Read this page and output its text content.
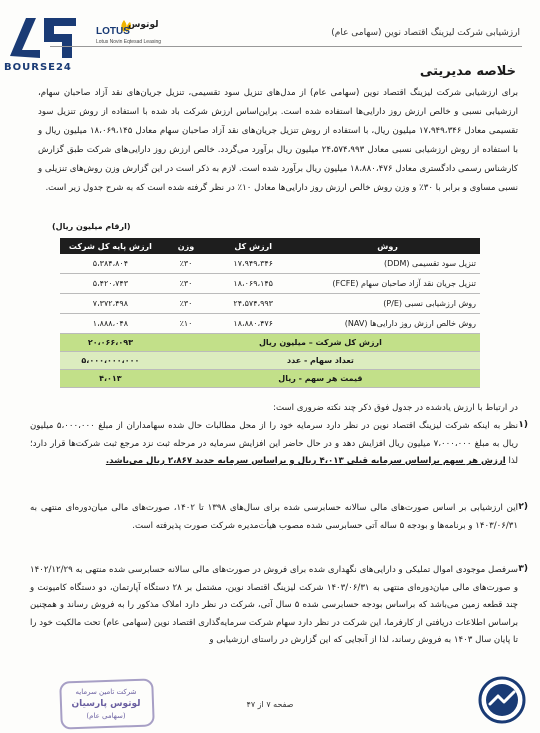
BOURSE24
لوتوس
LOTUS
Lotus Novin Eqtesad Leasing
ارزشیابی شرکت لیزینگ اقتصاد نوین (سهامی عام)
خلاصه مدیریتی
برای ارزشیابی شرکت لیزینگ اقتصاد نوین (سهامی عام) از مدل‌های تنزیل سود تقسیمی، تنزیل جریان‌های نقد آزاد صاحبان سهام، ارزشیابی نسبی و خالص ارزش روز دارایی‌ها استفاده شده است. براین‌اساس ارزش شرکت باد شده با استفاده از روش تنزیل سود تقسیمی معادل ۱۷،۹۴۹،۳۴۶ میلیون ریال، با استفاده از روش تنزیل جریان‌های نقد آزاد صاحبان سهام معادل ۱۸،۰۶۹،۱۴۵ میلیون ریال و با استفاده از روش ارزشیابی نسبی معادل ۲۴،۵۷۴،۹۹۳ میلیون ریال برآورد می‌گردد. خالص ارزش روز دارایی‌های شرکت طبق گزارش کارشناس رسمی دادگستری معادل ۱۸،۸۸۰،۴۷۶ میلیون ریال برآورد شده است. لازم به ذکر است در این گزارش وزن روش‌های تنزیلی و نسبی مساوی و برابر با ۳۰٪ و وزن روش خالص ارزش روز دارایی‌ها معادل ۱۰٪ در نظر گرفته شده است که به شرح جدول زیر است.
(ارقام میلیون ریال)
روش	ارزش کل	وزن	ارزش پایه کل شرکت
تنزیل سود تقسیمی (DDM)	۱۷،۹۴۹،۳۴۶	٪۳۰	۵،۳۸۴،۸۰۴
تنزیل جریان نقد آزاد صاحبان سهام (FCFE)	۱۸،۰۶۹،۱۴۵	٪۳۰	۵،۴۲۰،۷۴۳
روش ارزشیابی نسبی (P/E)	۲۴،۵۷۴،۹۹۳	٪۳۰	۷،۳۷۲،۴۹۸
روش خالص ارزش روز دارایی‌ها (NAV)	۱۸،۸۸۰،۴۷۶	٪۱۰	۱،۸۸۸،۰۴۸
ارزش کل شرکت – میلیون ریال			۲۰،۰۶۶،۰۹۳
تعداد سهام - عدد			۵،۰۰۰،۰۰۰،۰۰۰
قیمت هر سهم - ریال			۴،۰۱۳
در ارتباط با ارزش یادشده در جدول فوق ذکر چند نکته ضروری است:
۱)
نظر به اینکه شرکت لیزینگ اقتصاد نوین در نظر دارد سرمایه خود را از محل مطالبات حال شده سهامداران از مبلغ ۵،۰۰۰،۰۰۰ میلیون ریال به مبلغ ۷،۰۰۰،۰۰۰ میلیون ریال افزایش دهد و در حال حاضر این افزایش سرمایه در مرحله ثبت نزد مرجع ثبت شرکت‌ها قرار دارد؛ لذا ارزش هر سهم براساس سرمایه قبلی ۴،۰۱۳ ریال و براساس سرمایه جدید ۲،۸۶۷ ریال می‌باشد.
۲)
این ارزشیابی بر اساس صورت‌های مالی سالانه حسابرسی شده برای سال‌های ۱۳۹۸ تا ۱۴۰۲، صورت‌های مالی میان‌دوره‌ای منتهی به ۱۴۰۳/۰۶/۳۱ و برنامه‌ها و بودجه ۵ ساله آتی حسابرسی شده مصوب هیأت‌مدیره شرکت صورت پذیرفته است.
۳)
سرفصل موجودی اموال تملیکی و دارایی‌های نگهداری شده برای فروش در صورت‌های مالی سالانه حسابرسی شده منتهی به ۱۴۰۲/۱۲/۲۹ و صورت‌های مالی میان‌دوره‌ای منتهی به ۱۴۰۳/۰۶/۳۱ شرکت لیزینگ اقتصاد نوین، مشتمل بر ۲۸ دستگاه آپارتمان، دو دستگاه کامیونت و چند قطعه زمین می‌باشد که براساس بودجه حسابرسی شده ۵ سال آتی، شرکت در نظر دارد املاک مذکور را به فروش رساند و همچنین براساس اطلاعات دریافتی از کارفرما، این شرکت در نظر دارد سهام شرکت سرمایه‌گذاری اقتصاد نوین (سهامی عام) تحت مالکیت خود را تا پایان سال ۱۴۰۳ به فروش رساند، لذا از آنجایی که این گزارش در راستای ارزشیابی و
شرکت تامین سرمایه
لوتوس پارسیان
(سهامی عام)
صفحه ۷ از ۴۷
